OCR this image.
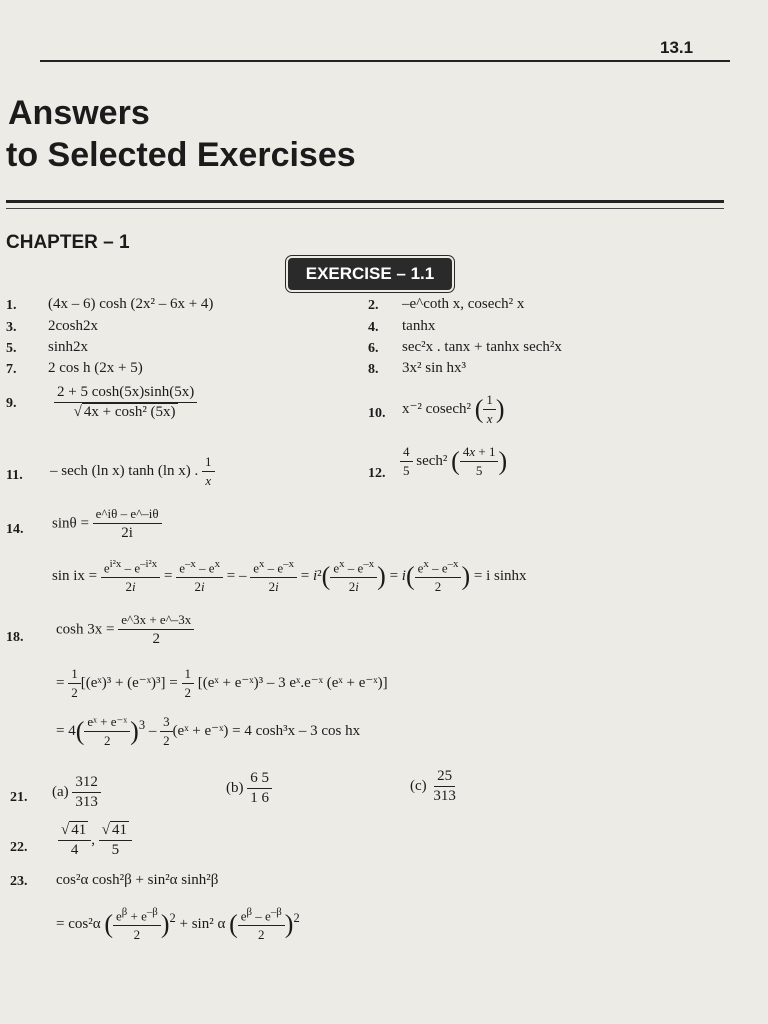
13.1
Answers
to Selected Exercises
CHAPTER – 1
EXERCISE – 1.1
1. (4x – 6) cosh (2x² – 6x + 4)	2. –e^coth x, cosech² x
3. 2cosh2x	4. tanhx
5. sinh2x	6. sec²x . tanx + tanhx sech²x
7. 2 cos h (2x + 5)	8. 3x² sin hx³
9.	$\frac{2 + 5 \cosh(5x)\sinh(5x)}{\text{√ 4x + cosh² (5x)}}$	10. x⁻² cosech² ( $\frac{1}{x}$ )
11. – sech (ln x) tanh (ln x) . $\frac{1}{x}$	12. $\frac{4}{5} \sec h^2$ ( $\frac{4x + 1}{5}$ )
14. $\sin\theta = \frac{e\^{}i\theta - e\^{}-i\theta}{2i}$
sin ix = $\frac{e^{i^2x} - e^{-i^2x}}{2i} = \frac{e^{-x} - e^x}{2i}$ = – $\frac{e^x - e^{-x}}{2i} = i^2( \frac{e^x - e^{-x}}{2i}$ ) = $i( \frac{e^x - e^{-x}}{2}$ ) = i sinhx
18.
$\cosh 3x = \frac{e\^{}3x + e\^{}-3x}{2}$
= $\frac{1}{2}$ [(eˣ)³ + (e⁻ˣ)³] = $\frac{1}{2}$ [(eˣ + e⁻ˣ)³ – 3 eˣ.e⁻ˣ (eˣ + e⁻ˣ)]
= $4( \frac{\text{eˣ + e⁻ˣ}}{2} )^3 - \frac{3}{2}$ (eˣ + e⁻ˣ) = 4 cosh³x – 3 cos hx
21. $(a) \frac{312}{313}$	$(b) \frac{6 5}{1 6}$	$(c) \frac{25}{313}$
22. $\frac{√ 41}{4}$ , $\frac{√ 41}{5}$
23. cos²α cosh²β + sin²α sinh²β
= cos²α ( $\frac{e^\beta + e^{-\beta}}{2} )^2 + \sin^2$ α ( $\frac{e^\beta - e^{-\beta}}{2} )^2$
